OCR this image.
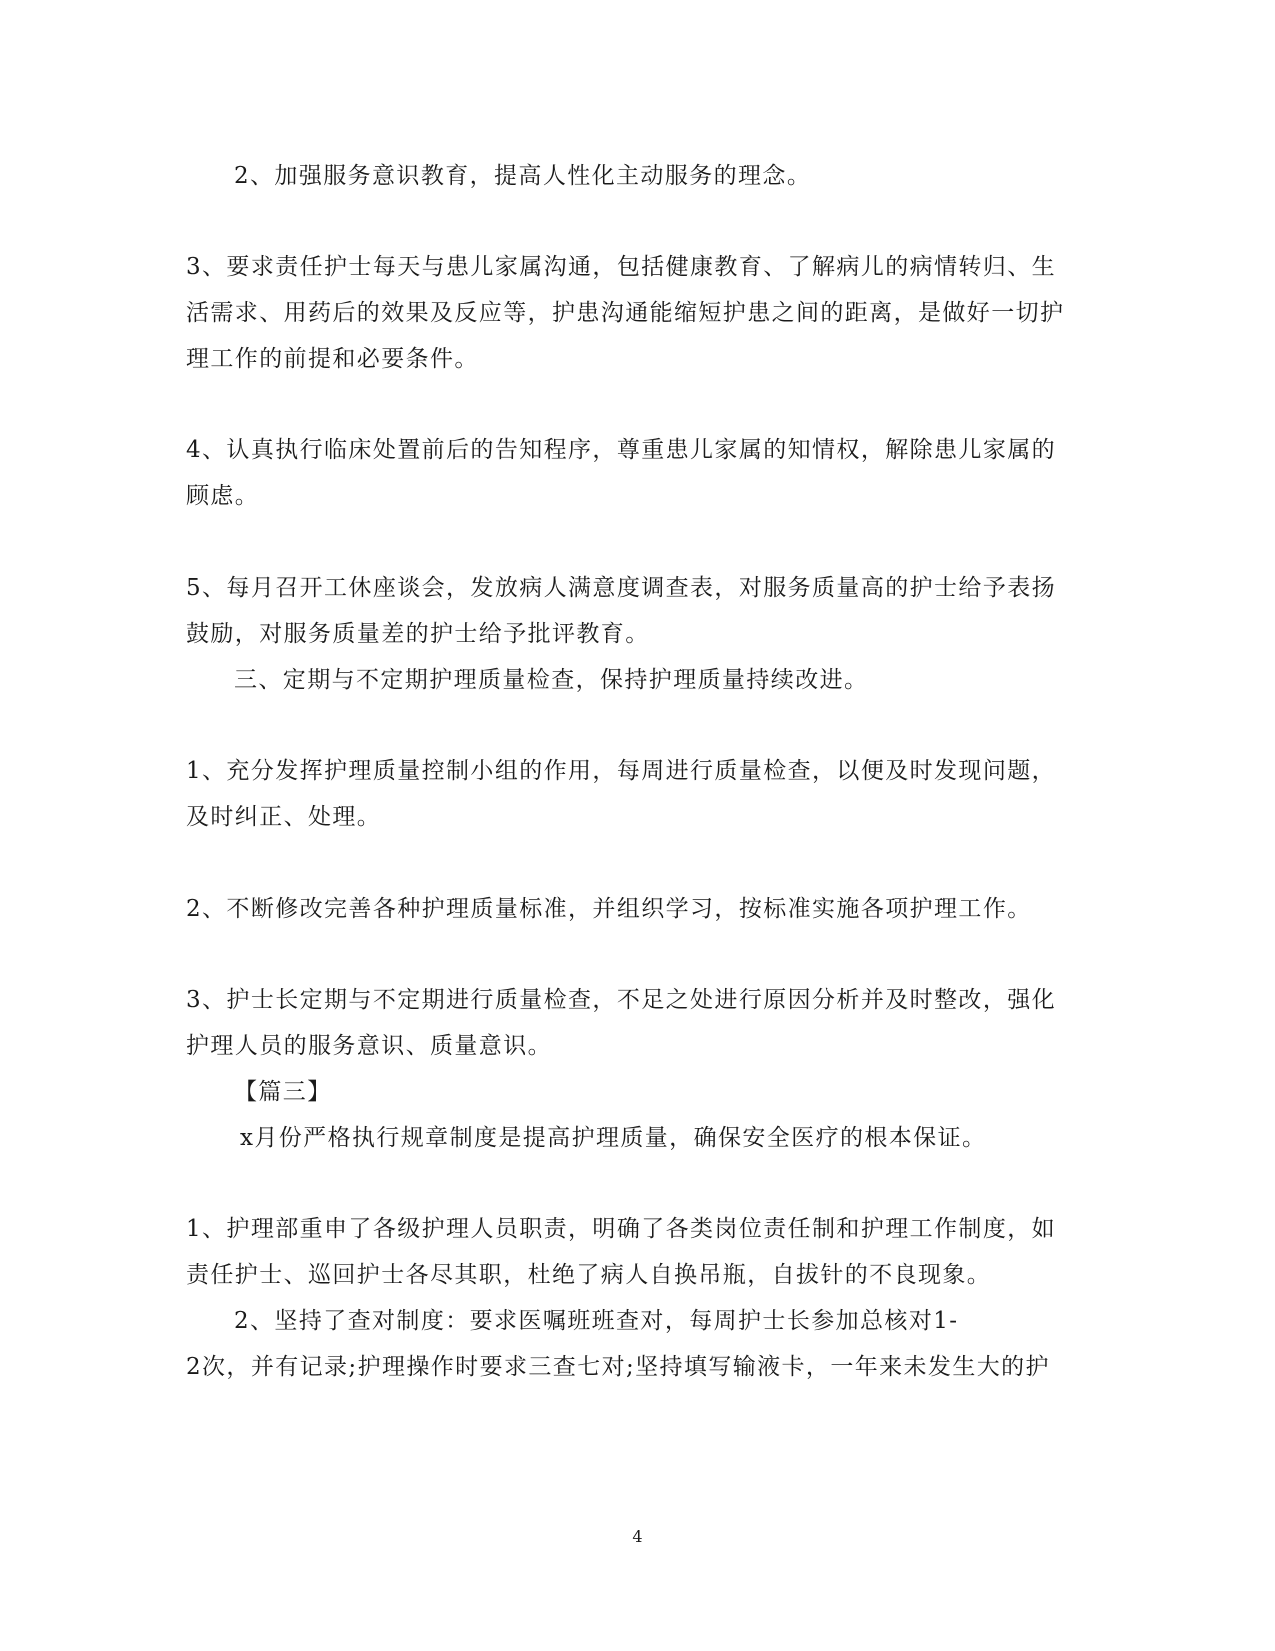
2、加强服务意识教育，提高人性化主动服务的理念。
3、要求责任护士每天与患儿家属沟通，包括健康教育、了解病儿的病情转归、生
活需求、用药后的效果及反应等，护患沟通能缩短护患之间的距离，是做好一切护
理工作的前提和必要条件。
4、认真执行临床处置前后的告知程序，尊重患儿家属的知情权，解除患儿家属的
顾虑。
5、每月召开工休座谈会，发放病人满意度调查表，对服务质量高的护士给予表扬
鼓励，对服务质量差的护士给予批评教育。
三、定期与不定期护理质量检查，保持护理质量持续改进。
1、充分发挥护理质量控制小组的作用，每周进行质量检查，以便及时发现问题，
及时纠正、处理。
2、不断修改完善各种护理质量标准，并组织学习，按标准实施各项护理工作。
3、护士长定期与不定期进行质量检查，不足之处进行原因分析并及时整改，强化
护理人员的服务意识、质量意识。
【篇三】
x月份严格执行规章制度是提高护理质量，确保安全医疗的根本保证。
1、护理部重申了各级护理人员职责，明确了各类岗位责任制和护理工作制度，如
责任护士、巡回护士各尽其职，杜绝了病人自换吊瓶，自拔针的不良现象。
2、坚持了查对制度：要求医嘱班班查对，每周护士长参加总核对1-
2次，并有记录;护理操作时要求三查七对;坚持填写输液卡，一年来未发生大的护
4
